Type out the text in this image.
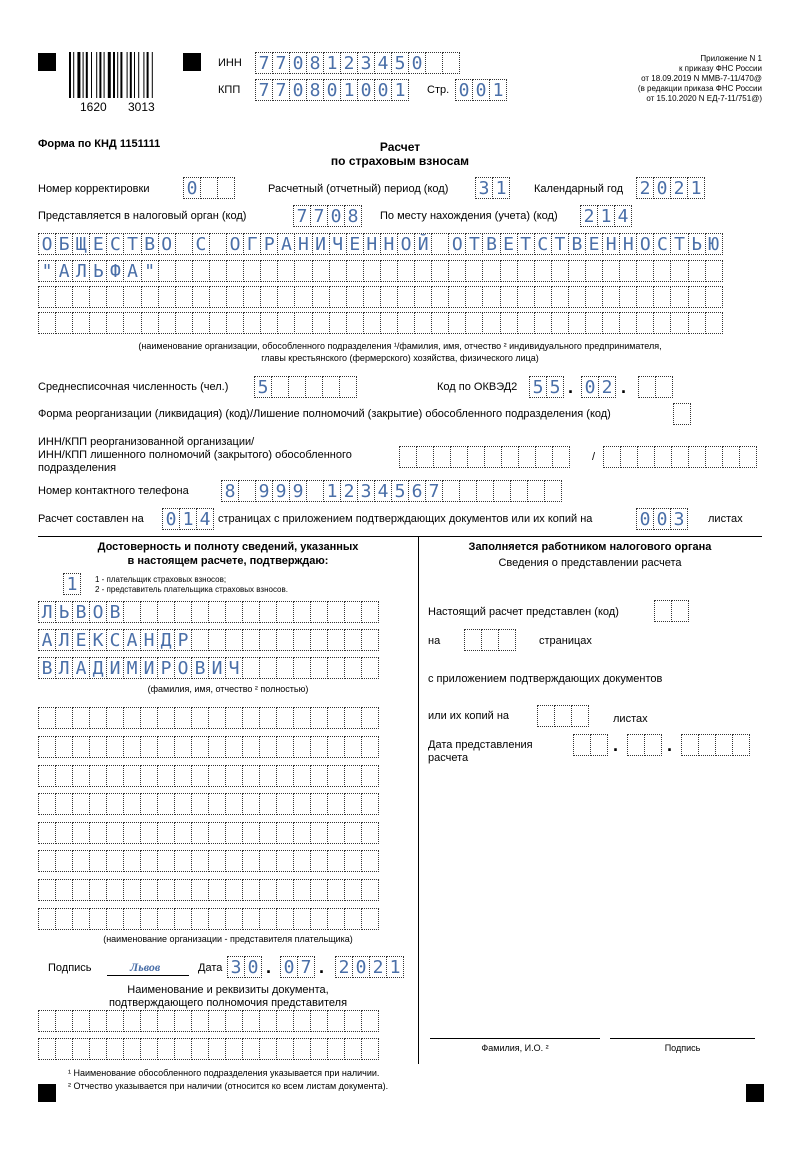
1620 3013
ИНН 7 7 0 8 1 2 3 4 5 0
КПП 7 7 0 8 0 1 0 0 1	Стр. 0 0 1
Приложение N 1
к приказу ФНС России
от 18.09.2019 N ММВ-7-11/470@
(в редакции приказа ФНС России
от 15.10.2020 N ЕД-7-11/751@)
Форма по КНД 1151111	Расчет
по страховым взносам
Номер корректировки 0	Расчетный (отчетный) период (код) 3 1	Календарный год 2 0 2 1
Представляется в налоговый орган (код)	7 7 0 8	По месту нахождения (учета) (код) 2 1 4
О Б Щ Е С Т В О С О Г Р А Н И Ч Е Н Н О Й О Т В Е Т С Т В Е Н Н О С Т Ь Ю
" А Л Ь Ф А "
(наименование организации, обособленного подразделения ¹/фамилия, имя, отчество ² индивидуального предпринимателя,
главы крестьянского (фермерского) хозяйства, физического лица)
Среднесписочная численность (чел.) 5	Код по ОКВЭД2 5 5 . 0 2 .
Форма реорганизации (ликвидация) (код)/Лишение полномочий (закрытие) обособленного подразделения (код)
ИНН/КПП реорганизованной организации/
ИНН/КПП лишенного полномочий (закрытого) обособленного
подразделения
/
Номер контактного телефона 8 9 9 9 1 2 3 4 5 6 7
Расчет составлен на 0 1 4 страницах с приложением подтверждающих документов или их копий на	0 0 3	листах
Достоверность и полноту сведений, указанных
в настоящем расчете, подтверждаю:
1	1 - плательщик страховых взносов;
2 - представитель плательщика страховых взносов.
Л Ь В О В
А Л Е К С А Н Д Р
В Л А Д И М И Р О В И Ч
(фамилия, имя, отчество ² полностью)
(наименование организации - представителя плательщика)
Подпись	Львов	Дата 3 0 . 0 7 . 2 0 2 1
Наименование и реквизиты документа,
подтверждающего полномочия представителя
Заполняется работником налогового органа
Сведения о представлении расчета
Настоящий расчет представлен (код)
на	страницах
с приложением подтверждающих документов
или их копий на	листах
Дата представления
расчета
.	.
Фамилия, И.О. ²	Подпись
¹ Наименование обособленного подразделения указывается при наличии.
² Отчество указывается при наличии (относится ко всем листам документа).
